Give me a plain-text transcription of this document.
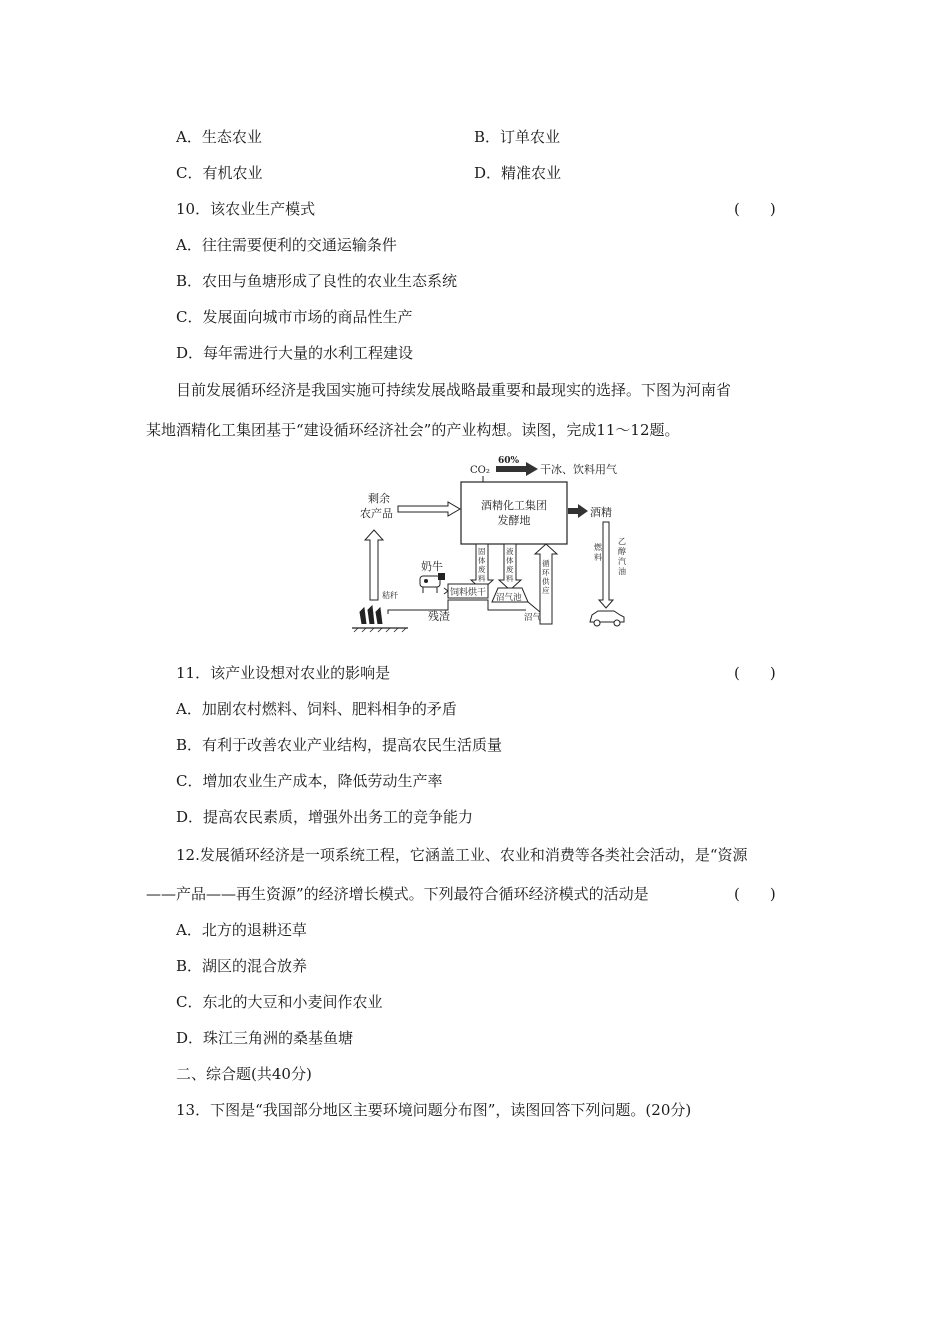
A．生态农业	B．订单农业
C．有机农业	D．精准农业
10．该农业生产模式	(　　)
A．往往需要便利的交通运输条件
B．农田与鱼塘形成了良性的农业生态系统
C．发展面向城市市场的商品性生产
D．每年需进行大量的水利工程建设
目前发展循环经济是我国实施可持续发展战略最重要和最现实的选择。下图为河南省
某地酒精化工集团基于“建设循环经济社会”的产业构想。读图，完成11～12题。
CO₂
60%
干冰、饮料用气
酒精化工集团
发酵地
剩余
农产品	酒精
乙
醇
汽
油
燃
料
固
体
废
料
液
体
废
料
循
环
供
应
饲料烘干 沼气池
沼气
奶牛
残渣
秸秆
11．该产业设想对农业的影响是	(　　)
A．加剧农村燃料、饲料、肥料相争的矛盾
B．有利于改善农业产业结构，提高农民生活质量
C．增加农业生产成本，降低劳动生产率
D．提高农民素质，增强外出务工的竞争能力
12.发展循环经济是一项系统工程，它涵盖工业、农业和消费等各类社会活动，是“资源
——产品——再生资源”的经济增长模式。下列最符合循环经济模式的活动是	(　　)
A．北方的退耕还草
B．湖区的混合放养
C．东北的大豆和小麦间作农业
D．珠江三角洲的桑基鱼塘
二、综合题(共40分)
13．下图是“我国部分地区主要环境问题分布图”，读图回答下列问题。(20分)
